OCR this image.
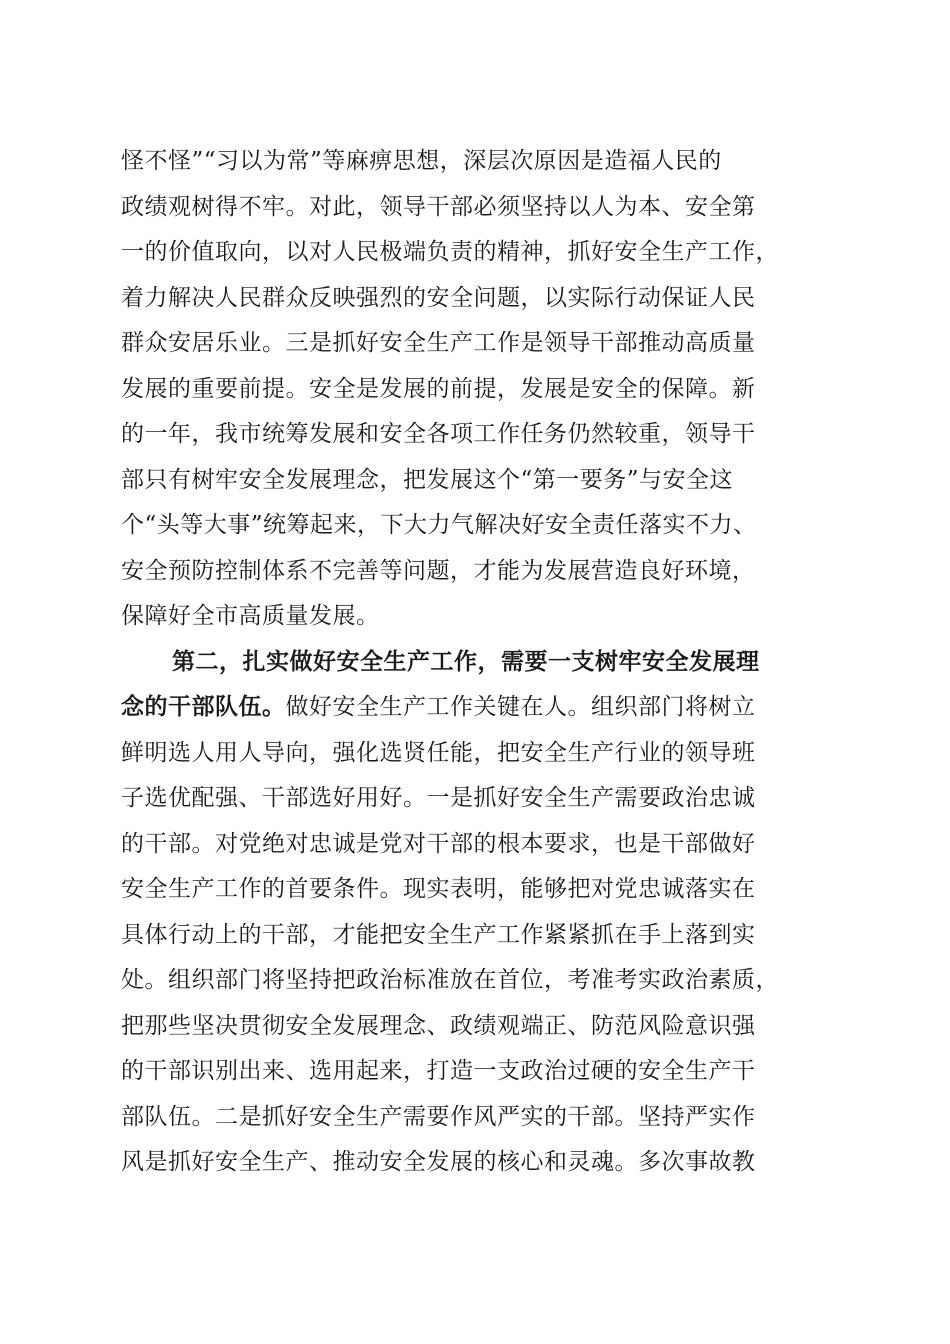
怪不怪”“习以为常”等麻痹思想，深层次原因是造福人民的
政绩观树得不牢。对此，领导干部必须坚持以人为本、安全第
一的价值取向，以对人民极端负责的精神，抓好安全生产工作，
着力解决人民群众反映强烈的安全问题，以实际行动保证人民
群众安居乐业。三是抓好安全生产工作是领导干部推动高质量
发展的重要前提。安全是发展的前提，发展是安全的保障。新
的一年，我市统筹发展和安全各项工作任务仍然较重，领导干
部只有树牢安全发展理念，把发展这个“第一要务”与安全这
个“头等大事”统筹起来，下大力气解决好安全责任落实不力、
安全预防控制体系不完善等问题，才能为发展营造良好环境，
保障好全市高质量发展。
第二，扎实做好安全生产工作，需要一支树牢安全发展理
念的干部队伍。做好安全生产工作关键在人。组织部门将树立
鲜明选人用人导向，强化选贤任能，把安全生产行业的领导班
子选优配强、干部选好用好。一是抓好安全生产需要政治忠诚
的干部。对党绝对忠诚是党对干部的根本要求，也是干部做好
安全生产工作的首要条件。现实表明，能够把对党忠诚落实在
具体行动上的干部，才能把安全生产工作紧紧抓在手上落到实
处。组织部门将坚持把政治标准放在首位，考准考实政治素质，
把那些坚决贯彻安全发展理念、政绩观端正、防范风险意识强
的干部识别出来、选用起来，打造一支政治过硬的安全生产干
部队伍。二是抓好安全生产需要作风严实的干部。坚持严实作
风是抓好安全生产、推动安全发展的核心和灵魂。多次事故教
